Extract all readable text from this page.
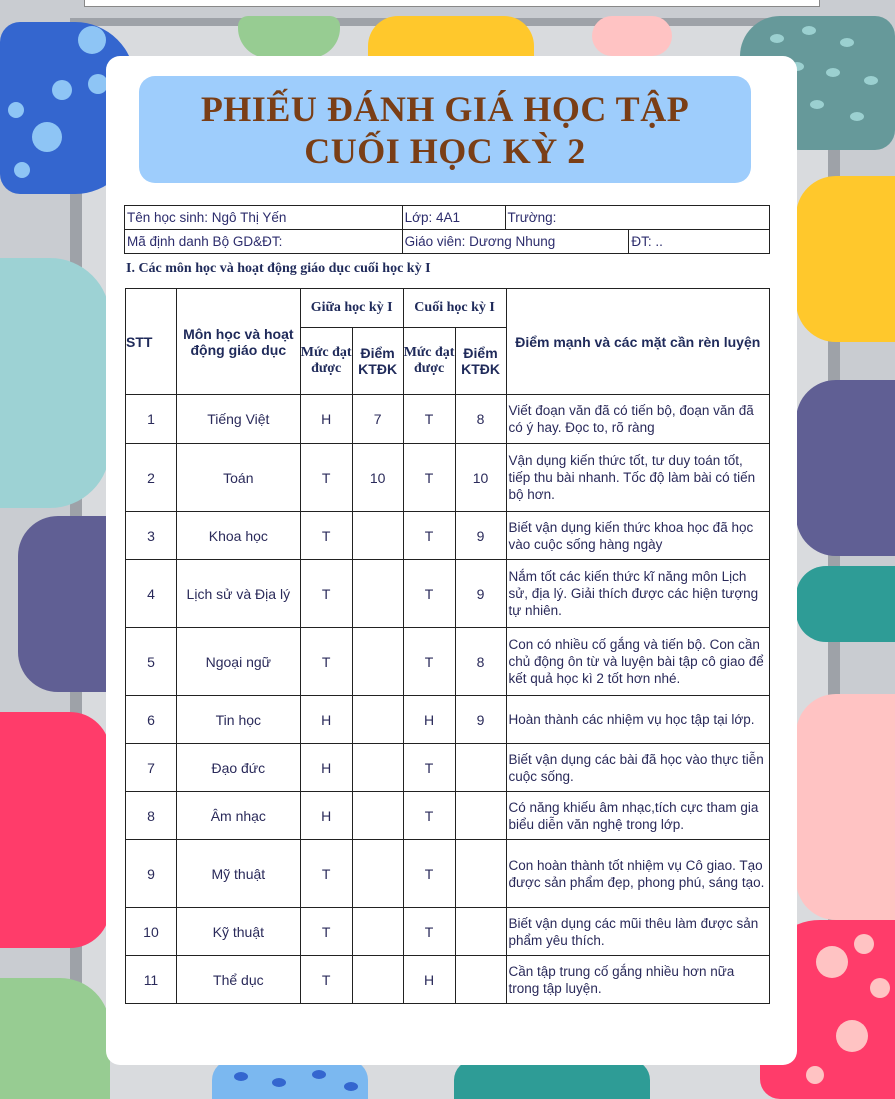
PHIẾU ĐÁNH GIÁ HỌC TẬP
CUỐI HỌC KỲ 2
Tên học sinh: Ngô Thị Yến	Lớp: 4A1	Trường:	
Mã định danh Bộ GD&ĐT:	Giáo viên: Dương Nhung		ĐT: ..
I. Các môn học và hoạt động giáo dục cuối học kỳ I
STT	Môn học và hoạt động giáo dục	Giữa học kỳ I		Cuối học kỳ I		Điểm mạnh và các mặt cần rèn luyện
		Mức đạt được	Điểm KTĐK	Mức đạt được	Điểm KTĐK	
1	Tiếng Việt	H	7	T	8	Viết đoạn văn đã có tiến bộ, đoạn văn đã có ý hay. Đọc to, rõ ràng
2	Toán	T	10	T	10	Vận dụng kiến thức tốt, tư duy toán tốt, tiếp thu bài nhanh. Tốc độ làm bài có tiến bộ hơn.
3	Khoa học	T		T	9	Biết vận dụng kiến thức khoa học đã học vào cuộc sống hàng ngày
4	Lịch sử và Địa lý	T		T	9	Nắm tốt các kiến thức kĩ năng môn Lịch sử, địa lý. Giải thích được các hiện tượng tự nhiên.
5	Ngoại ngữ	T		T	8	Con có nhiều cố gắng và tiến bộ. Con cần chủ động ôn từ và luyện bài tập cô giao để kết quả học kì 2 tốt hơn nhé.
6	Tin học	H		H	9	Hoàn thành các nhiệm vụ học tập tại lớp.
7	Đạo đức	H		T		Biết vận dụng các bài đã học vào thực tiễn cuộc sống.
8	Âm nhạc	H		T		Có năng khiếu âm nhạc,tích cực tham gia biểu diễn văn nghệ trong lớp.
9	Mỹ thuật	T		T		Con hoàn thành tốt nhiệm vụ Cô giao. Tạo được sản phẩm đẹp, phong phú, sáng tạo.
10	Kỹ thuật	T		T		Biết vận dụng các mũi thêu làm được sản phẩm yêu thích.
11	Thể dục	T		H		Cần tập trung cố gắng nhiều hơn nữa trong tập luyện.
